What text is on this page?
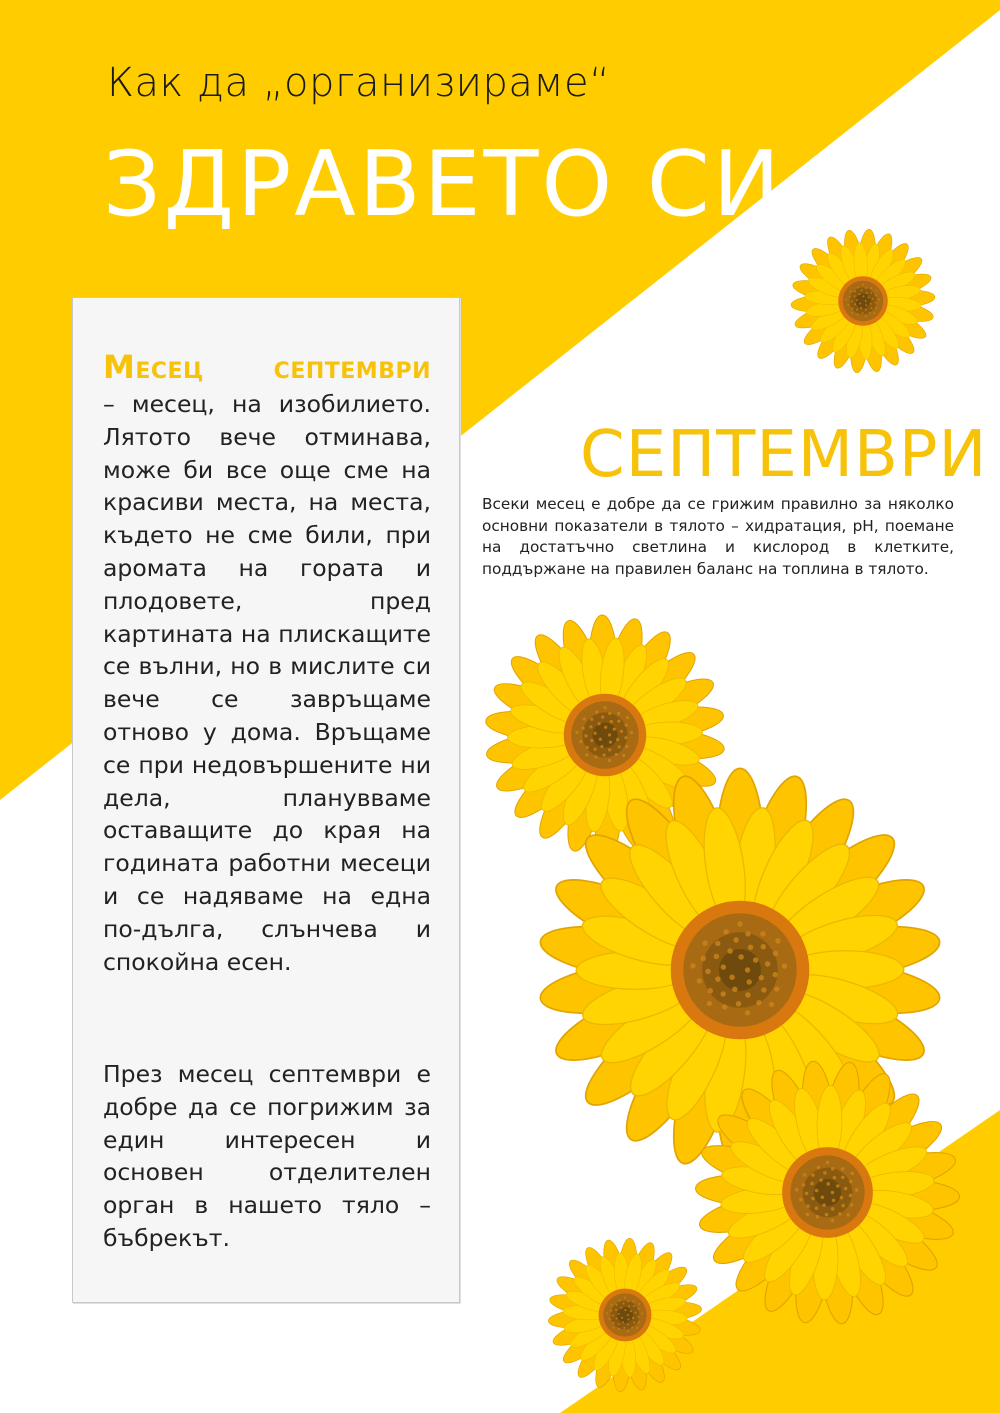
Как да „организираме“
ЗДРАВЕТО СИ
Месец септември
– месец, на изобилието. Лятото вече отминава, може би все още сме на красиви места, на места, където не сме били, при аромата на гората и плодовете, пред картината на плискащите се вълни, но в мислите си вече се завръщаме отново у дома. Връщаме се при недовършените ни дела, планувваме оставащите до края на годината работни месеци и се надяваме на една по-дълга, слънчева и спокойна есен.
През месец септември е добре да се погрижим за един интересен и основен отделителен орган в нашето тяло – бъбрекът.
СЕПТЕМВРИ

Всеки месец е добре да се грижим правилно за няколко основни показатели в тялото – хидратация, pH, поемане на достатъчно светлина и кислород в клетките, поддържане на правилен баланс на топлина в тялото.
